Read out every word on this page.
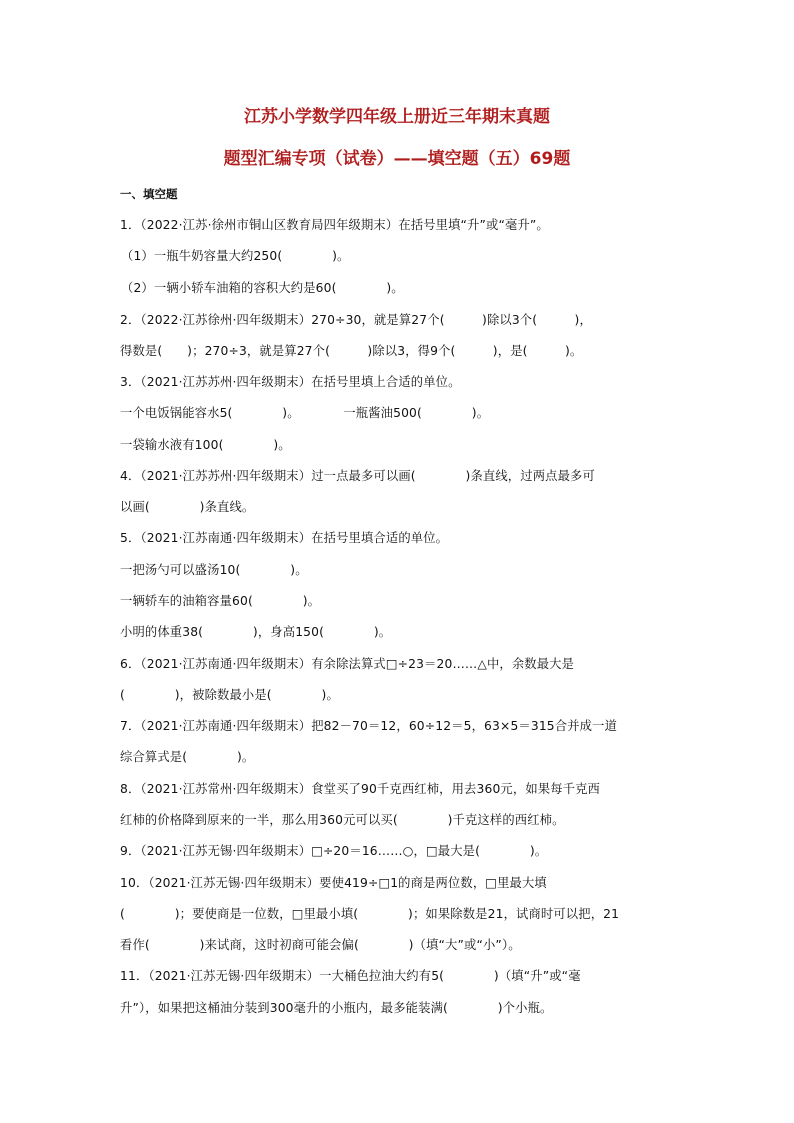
江苏小学数学四年级上册近三年期末真题
题型汇编专项（试卷）——填空题（五）69题
一、填空题
1．（2022·江苏·徐州市铜山区教育局四年级期末）在括号里填“升”或“毫升”。
（1）一瓶牛奶容量大约250(　　　　)。
（2）一辆小轿车油箱的容积大约是60(　　　　)。
2．（2022·江苏徐州·四年级期末）270÷30，就是算27个(　　　)除以3个(　　　)，
得数是(　　)；270÷3，就是算27个(　　　)除以3，得9个(　　　)，是(　　　)。
3．（2021·江苏苏州·四年级期末）在括号里填上合适的单位。
一个电饭锅能容水5(　　　　)。　　　　一瓶酱油500(　　　　)。
一袋输水液有100(　　　　)。
4．（2021·江苏苏州·四年级期末）过一点最多可以画(　　　　)条直线，过两点最多可
以画(　　　　)条直线。
5．（2021·江苏南通·四年级期末）在括号里填合适的单位。
一把汤勺可以盛汤10(　　　　)。
一辆轿车的油箱容量60(　　　　)。
小明的体重38(　　　　)，身高150(　　　　)。
6．（2021·江苏南通·四年级期末）有余除法算式□÷23＝20……△中，余数最大是
(　　　　)，被除数最小是(　　　　)。
7．（2021·江苏南通·四年级期末）把82－70＝12，60÷12＝5，63×5＝315合并成一道
综合算式是(　　　　)。
8．（2021·江苏常州·四年级期末）食堂买了90千克西红柿，用去360元，如果每千克西
红柿的价格降到原来的一半，那么用360元可以买(　　　　)千克这样的西红柿。
9．（2021·江苏无锡·四年级期末）□÷20＝16……○，□最大是(　　　　)。
10．（2021·江苏无锡·四年级期末）要使419÷□1的商是两位数，□里最大填
(　　　　)；要使商是一位数，□里最小填(　　　　)；如果除数是21，试商时可以把，21
看作(　　　　)来试商，这时初商可能会偏(　　　　)（填“大”或“小”）。
11．（2021·江苏无锡·四年级期末）一大桶色拉油大约有5(　　　　)（填“升”或“毫
升”），如果把这桶油分装到300毫升的小瓶内，最多能装满(　　　　)个小瓶。
